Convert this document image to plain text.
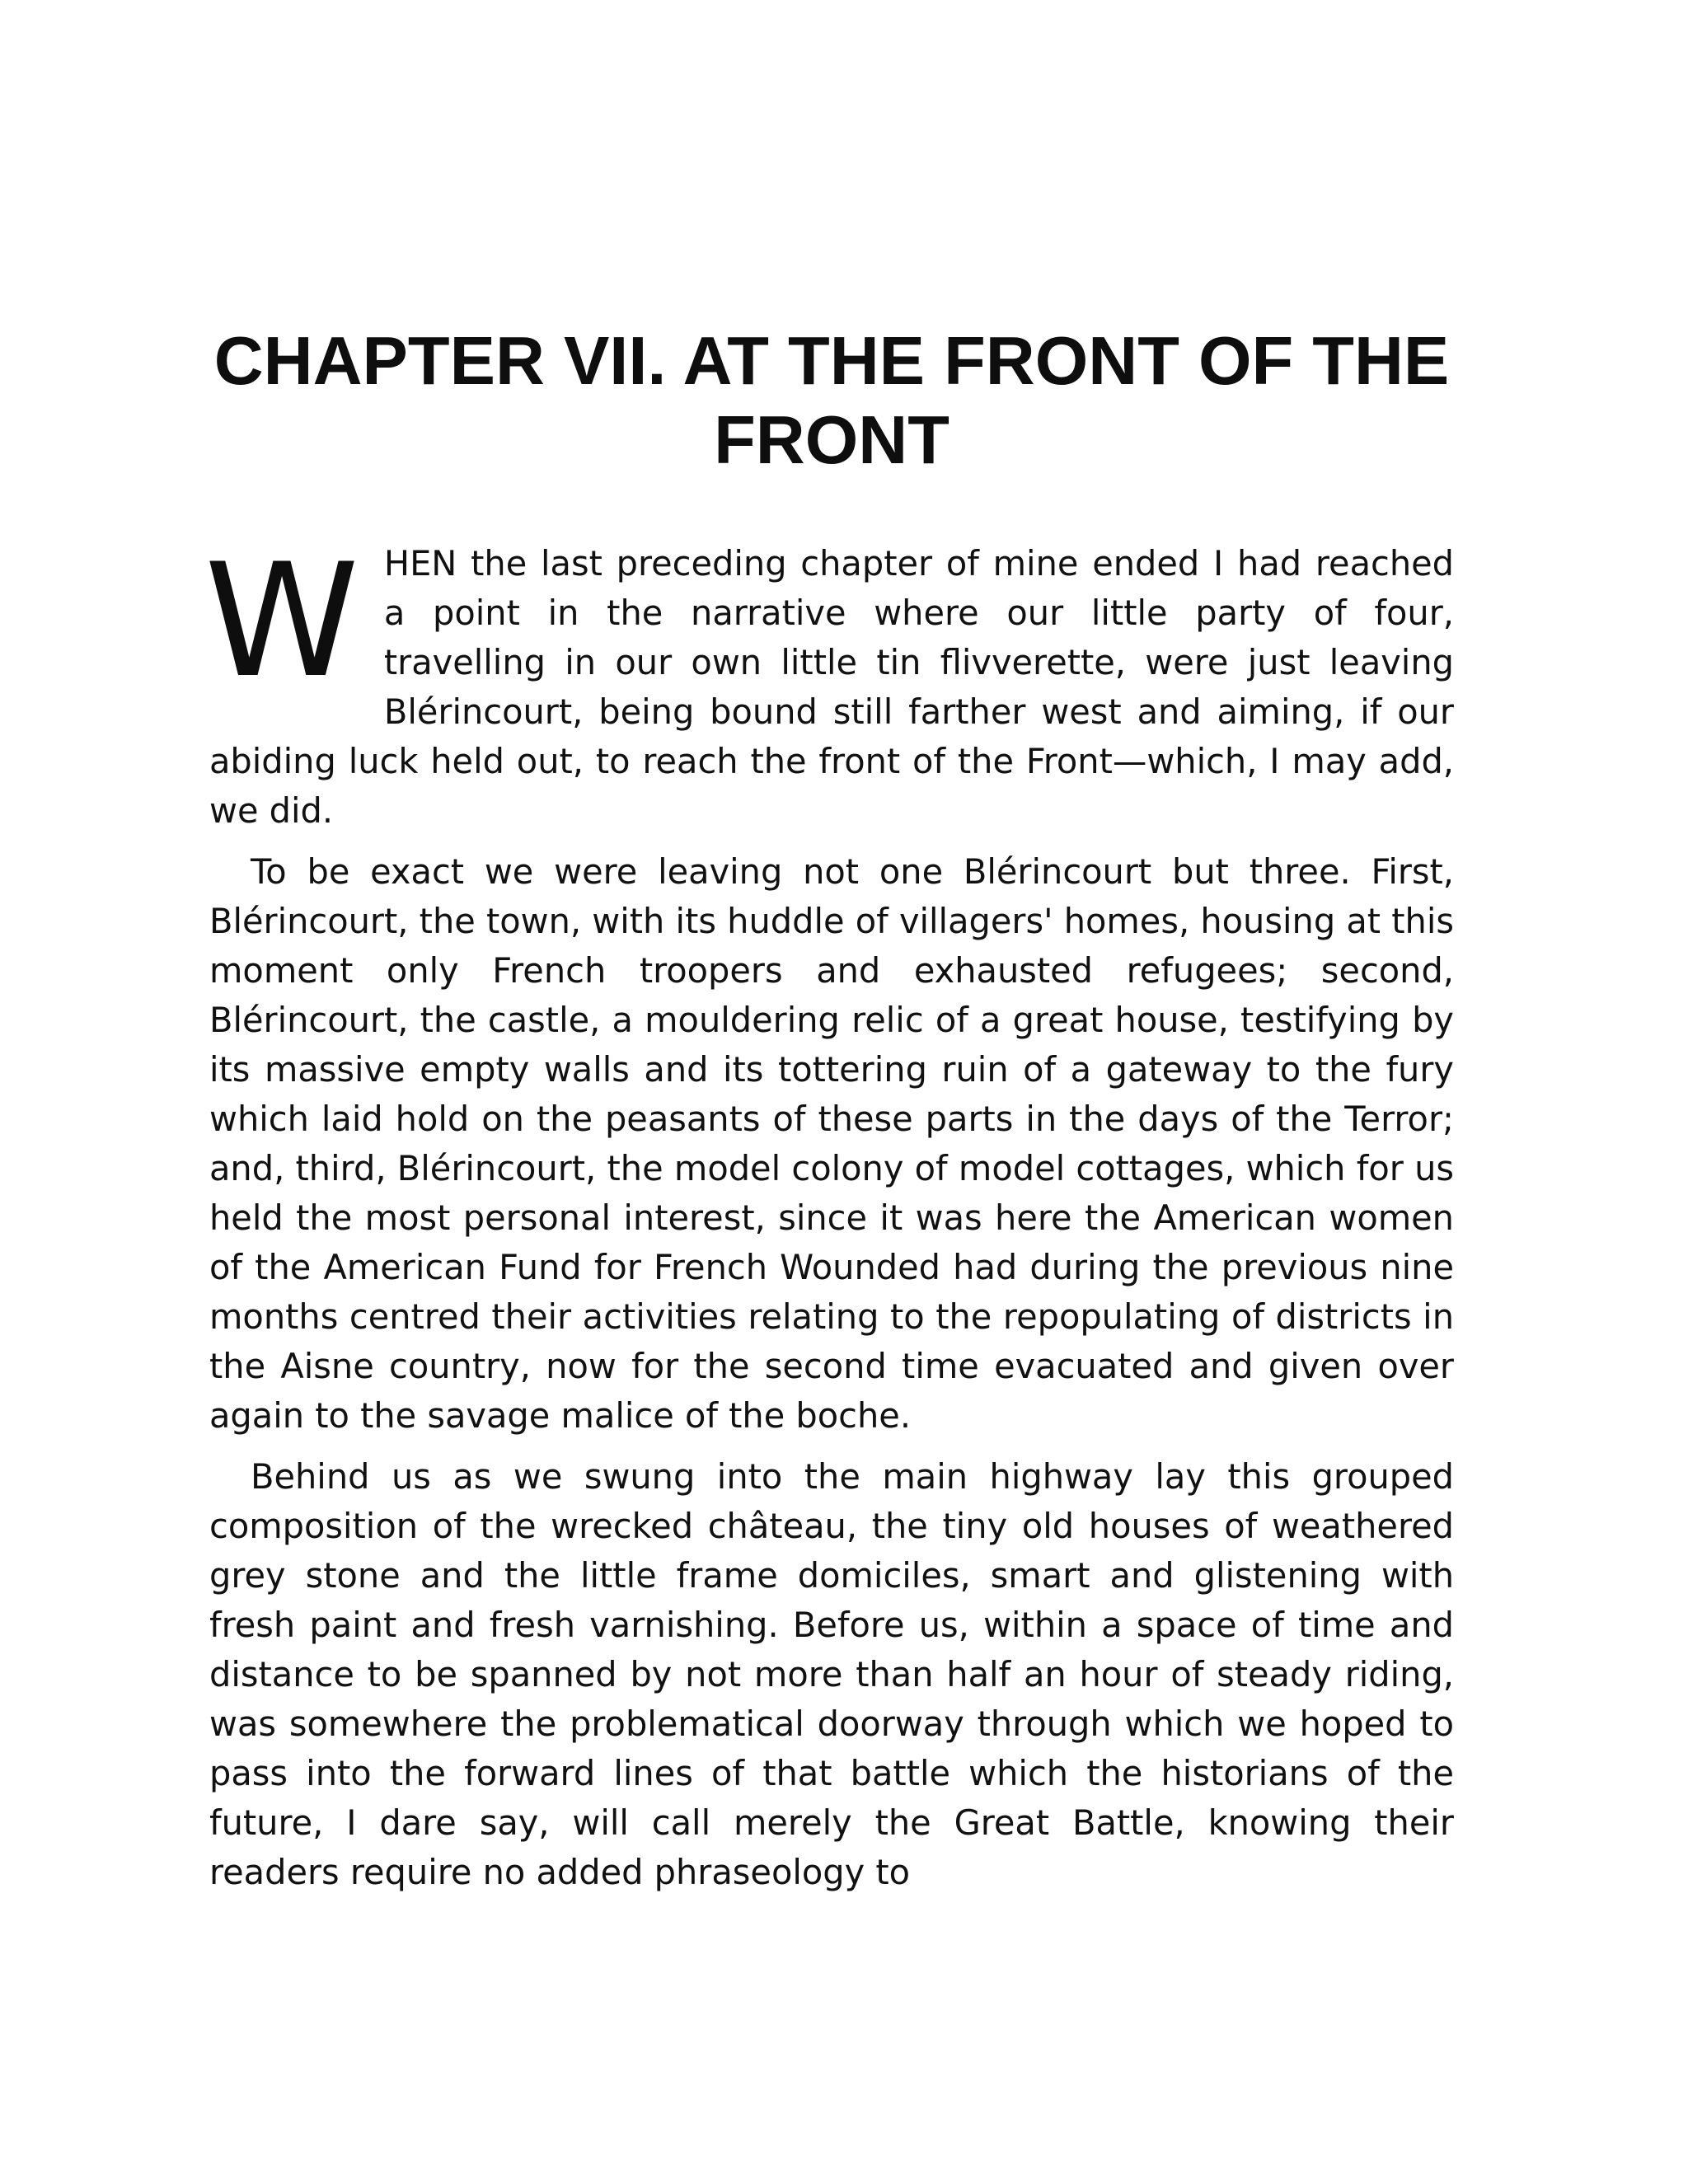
CHAPTER VII. AT THE FRONT OF THE FRONT

WHEN the last preceding chapter of mine ended I had reached a point in the narrative where our little party of four, travelling in our own little tin flivverette, were just leaving Blérincourt, being bound still farther west and aiming, if our abiding luck held out, to reach the front of the Front—which, I may add, we did.

To be exact we were leaving not one Blérincourt but three. First, Blérincourt, the town, with its huddle of villagers' homes, housing at this moment only French troopers and exhausted refugees; second, Blérincourt, the castle, a mouldering relic of a great house, testifying by its massive empty walls and its tottering ruin of a gateway to the fury which laid hold on the peasants of these parts in the days of the Terror; and, third, Blérincourt, the model colony of model cottages, which for us held the most personal interest, since it was here the American women of the American Fund for French Wounded had during the previous nine months centred their activities relating to the repopulating of districts in the Aisne country, now for the second time evacuated and given over again to the savage malice of the boche.

Behind us as we swung into the main highway lay this grouped composition of the wrecked château, the tiny old houses of weathered grey stone and the little frame domiciles, smart and glistening with fresh paint and fresh varnishing. Before us, within a space of time and distance to be spanned by not more than half an hour of steady riding, was somewhere the problematical doorway through which we hoped to pass into the forward lines of that battle which the historians of the future, I dare say, will call merely the Great Battle, knowing their readers require no added phraseology to
